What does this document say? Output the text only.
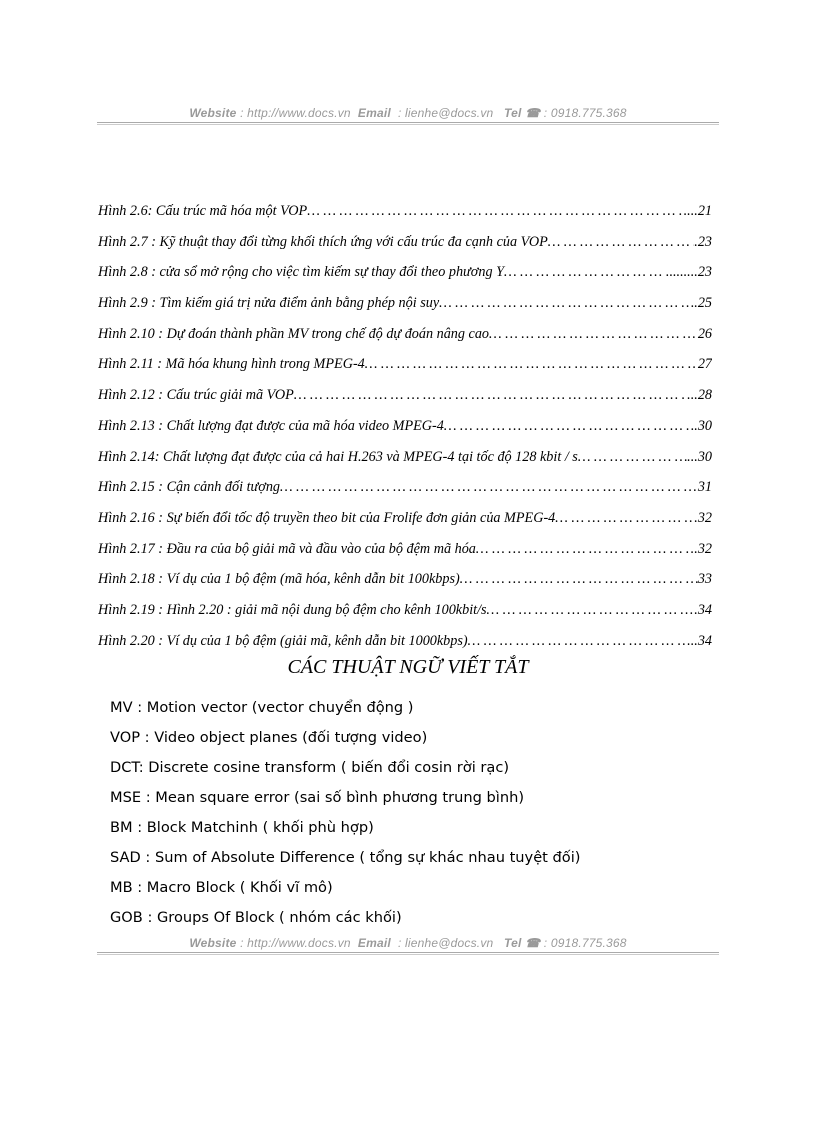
Website : http://www.docs.vn Email : lienhe@docs.vn Tel ☎ : 0918.775.368
Hình 2.6: Cấu trúc mã hóa một VOP … … … … … … … … … … … … … … … … … … … … … … … … … … … … … … … …	...21
Hình 2.7 : Kỹ thuật thay đổi từng khối thích ứng với cấu trúc đa cạnh của VOP … … … … … … … … … … … … … … … … … … … … … … … … … … … … … … … …	.23
Hình 2.8 : cửa sổ mở rộng cho việc tìm kiếm sự thay đổi theo phương Y … … … … … … … … … … … … … … … … … … … … … … … … … … … … … … … …	.........23
Hình 2.9 : Tìm kiếm giá trị nửa điểm ảnh bằng phép nội suy … … … … … … … … … … … … … … … … … … … … … … … … … … … … … … … …	.25
Hình 2.10 : Dự đoán thành phần MV trong chế độ dự đoán nâng cao … … … … … … … … … … … … … … … … … … … … … … … … … … … … … … … …	26
Hình 2.11 : Mã hóa khung hình trong MPEG-4 … … … … … … … … … … … … … … … … … … … … … … … … … … … … … … … …	27
Hình 2.12 : Cấu trúc giải mã VOP … … … … … … … … … … … … … … … … … … … … … … … … … … … … … … … …	...28
Hình 2.13 : Chất lượng đạt được của mã hóa video MPEG-4 … … … … … … … … … … … … … … … … … … … … … … … … … … … … … … … …	.30
Hình 2.14: Chất lượng đạt được của cả hai H.263 và MPEG-4 tại tốc độ 128 kbit / s … … … … … … … … … … … … … … … … … … … … … … … … … … … … … … … …	...30
Hình 2.15 : Cận cảnh đối tượng … … … … … … … … … … … … … … … … … … … … … … … … … … … … … … … …	31
Hình 2.16 : Sự biến đổi tốc độ truyền theo bit của Frolife đơn giản của MPEG-4 … … … … … … … … … … … … … … … … … … … … … … … … … … … … … … … …	.32
Hình 2.17 : Đầu ra của bộ giải mã và đầu vào của bộ đệm mã hóa … … … … … … … … … … … … … … … … … … … … … … … … … … … … … … … …	.32
Hình 2.18 : Ví dụ của 1 bộ đệm (mã hóa, kênh dẫn bit 100kbps) … … … … … … … … … … … … … … … … … … … … … … … … … … … … … … … …	33
Hình 2.19 : Hình 2.20 : giải mã nội dung bộ đệm cho kênh 100kbit/s … … … … … … … … … … … … … … … … … … … … … … … … … … … … … … … …	.34
Hình 2.20 : Ví dụ của 1 bộ đệm (giải mã, kênh dẫn bit 1000kbps) … … … … … … … … … … … … … … … … … … … … … … … … … … … … … … … …	..34
CÁC THUẬT NGỮ VIẾT TẮT
MV : Motion vector (vector chuyển động )
VOP : Video object planes (đối tượng video)
DCT: Discrete cosine transform ( biến đổi cosin rời rạc)
MSE : Mean square error (sai số bình phương trung bình)
BM : Block Matchinh ( khối phù hợp)
SAD : Sum of Absolute Difference ( tổng sự khác nhau tuyệt đối)
MB : Macro Block ( Khối vĩ mô)
GOB : Groups Of Block ( nhóm các khối)
Website : http://www.docs.vn Email : lienhe@docs.vn Tel ☎ : 0918.775.368
